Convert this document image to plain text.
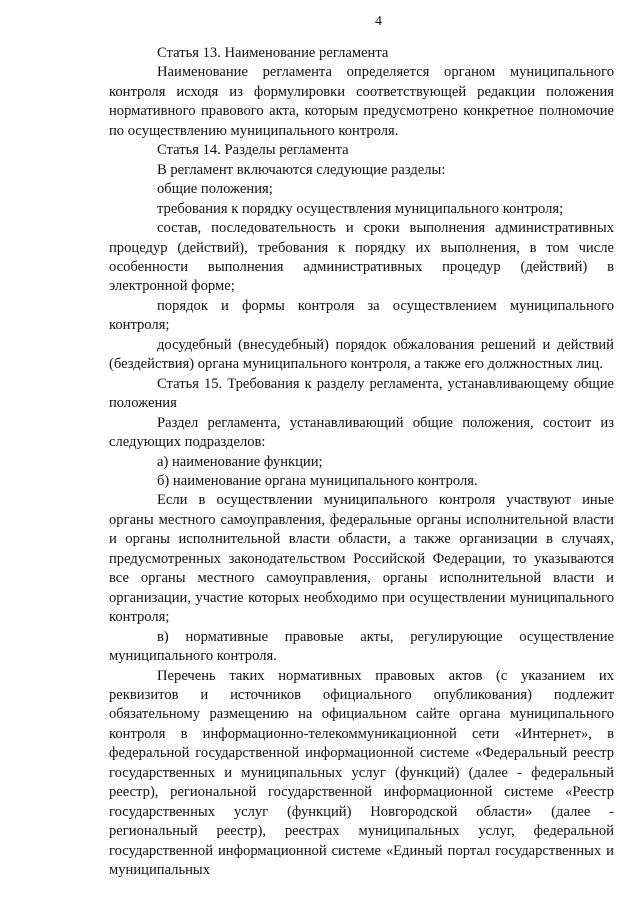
4

Статья 13. Наименование регламента

Наименование регламента определяется органом муниципального контроля исходя из формулировки соответствующей редакции положения нормативного правового акта, которым предусмотрено конкретное полномочие по осуществлению муниципального контроля.

Статья 14. Разделы регламента

В регламент включаются следующие разделы:

общие положения;

требования к порядку осуществления муниципального контроля;

состав, последовательность и сроки выполнения административных процедур (действий), требования к порядку их выполнения, в том числе особенности выполнения административных процедур (действий) в электронной форме;

порядок и формы контроля за осуществлением муниципального контроля;

досудебный (внесудебный) порядок обжалования решений и действий (бездействия) органа муниципального контроля, а также его должностных лиц.

Статья 15. Требования к разделу регламента, устанавливающему общие положения

Раздел регламента, устанавливающий общие положения, состоит из следующих подразделов:

а) наименование функции;

б) наименование органа муниципального контроля.

Если в осуществлении муниципального контроля участвуют иные органы местного самоуправления, федеральные органы исполнительной власти и органы исполнительной власти области, а также организации в случаях, предусмотренных законодательством Российской Федерации, то указываются все органы местного самоуправления, органы исполнительной власти и организации, участие которых необходимо при осуществлении муниципального контроля;

в) нормативные правовые акты, регулирующие осуществление муниципального контроля.

Перечень таких нормативных правовых актов (с указанием их реквизитов и источников официального опубликования) подлежит обязательному размещению на официальном сайте органа муниципального контроля в информационно-телекоммуникационной сети «Интернет», в федеральной государственной информационной системе «Федеральный реестр государственных и муниципальных услуг (функций) (далее - федеральный реестр), региональной государственной информационной системе «Реестр государственных услуг (функций) Новгородской области» (далее - региональный реестр), реестрах муниципальных услуг, федеральной государственной информационной системе «Единый портал государственных и муниципальных
